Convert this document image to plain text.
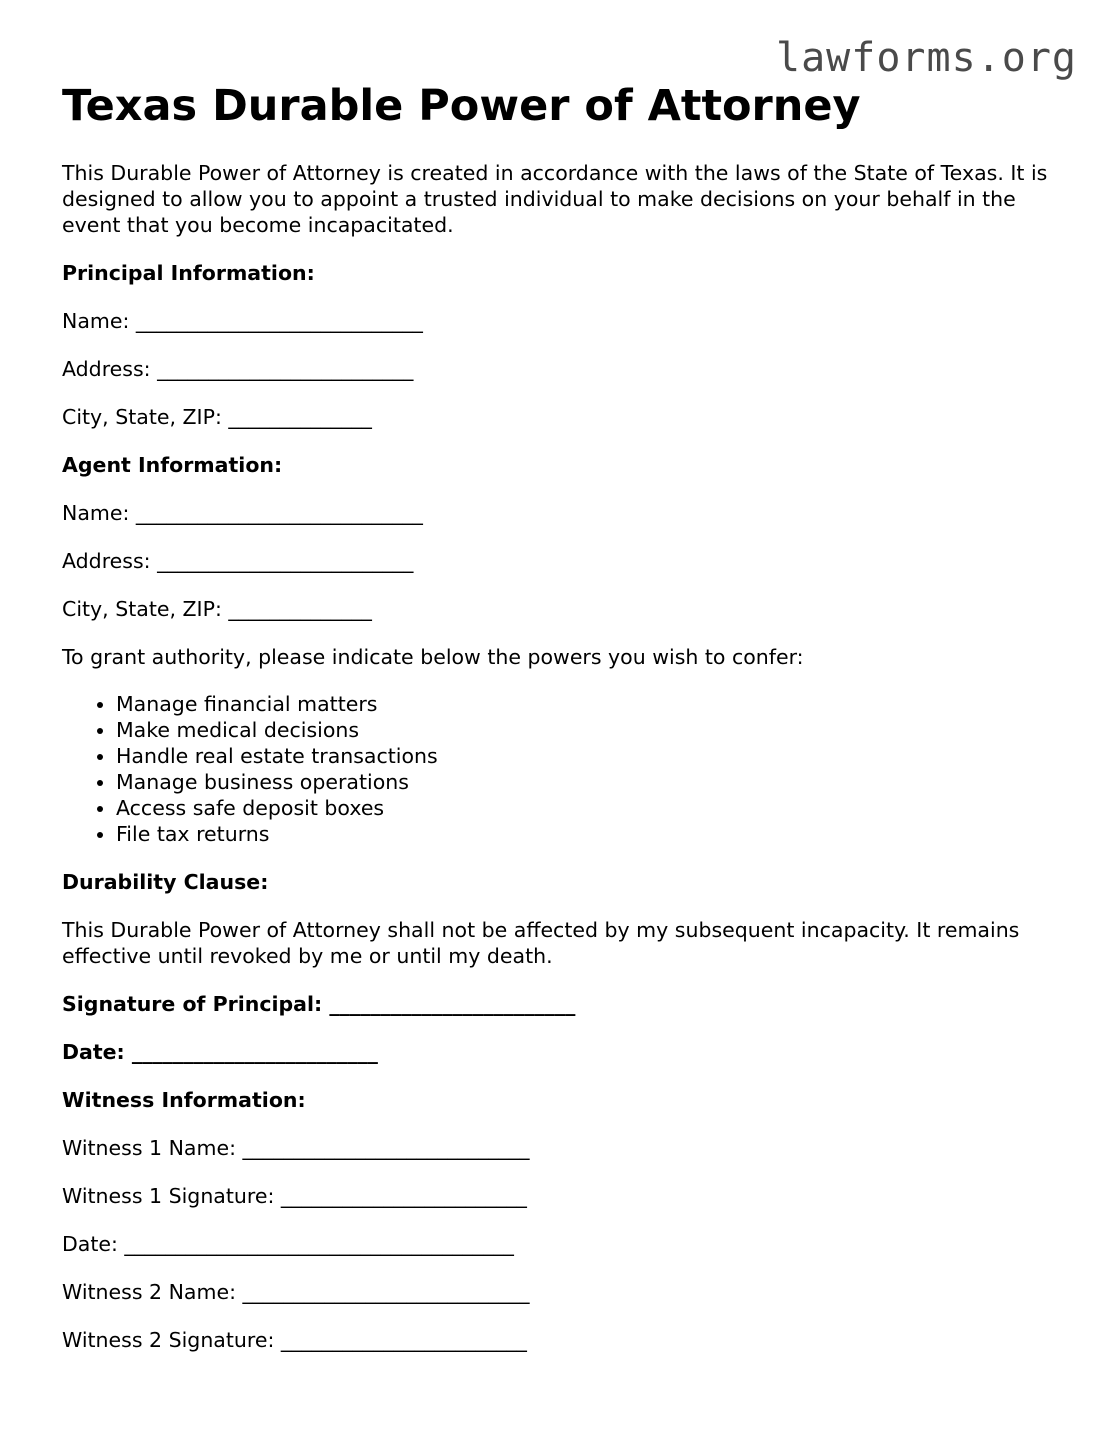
lawforms.org
Texas Durable Power of Attorney

This Durable Power of Attorney is created in accordance with the laws of the State of Texas. It is designed to allow you to appoint a trusted individual to make decisions on your behalf in the event that you become incapacitated.

Principal Information:

Name: ____________________________

Address: _________________________

City, State, ZIP: ______________

Agent Information:

Name: ____________________________

Address: _________________________

City, State, ZIP: ______________

To grant authority, please indicate below the powers you wish to confer:

• Manage financial matters
• Make medical decisions
• Handle real estate transactions
• Manage business operations
• Access safe deposit boxes
• File tax returns

Durability Clause:

This Durable Power of Attorney shall not be affected by my subsequent incapacity. It remains effective until revoked by me or until my death.

Signature of Principal: ________________________

Date: ________________________

Witness Information:

Witness 1 Name: ____________________________

Witness 1 Signature: ________________________

Date: ______________________________________

Witness 2 Name: ____________________________

Witness 2 Signature: ________________________
